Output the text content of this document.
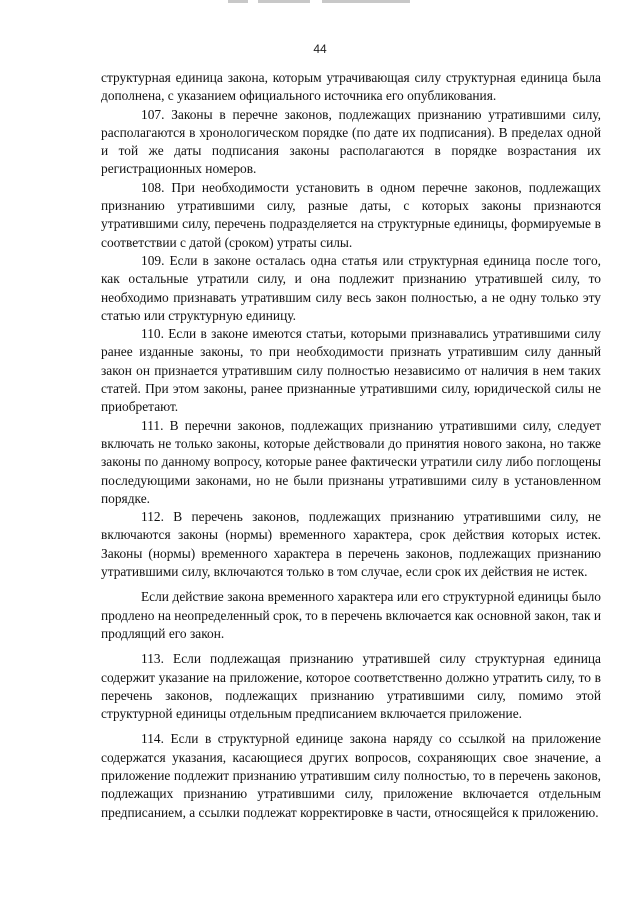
44

структурная единица закона, которым утрачивающая силу структурная единица была дополнена, с указанием официального источника его опубликования.

107. Законы в перечне законов, подлежащих признанию утратившими силу, располагаются в хронологическом порядке (по дате их подписания). В пределах одной и той же даты подписания законы располагаются в порядке возрастания их регистрационных номеров.

108. При необходимости установить в одном перечне законов, подлежащих признанию утратившими силу, разные даты, с которых законы признаются утратившими силу, перечень подразделяется на структурные единицы, формируемые в соответствии с датой (сроком) утраты силы.

109. Если в законе осталась одна статья или структурная единица после того, как остальные утратили силу, и она подлежит признанию утратившей силу, то необходимо признавать утратившим силу весь закон полностью, а не одну только эту статью или структурную единицу.

110. Если в законе имеются статьи, которыми признавались утратившими силу ранее изданные законы, то при необходимости признать утратившим силу данный закон он признается утратившим силу полностью независимо от наличия в нем таких статей. При этом законы, ранее признанные утратившими силу, юридической силы не приобретают.

111. В перечни законов, подлежащих признанию утратившими силу, следует включать не только законы, которые действовали до принятия нового закона, но также законы по данному вопросу, которые ранее фактически утратили силу либо поглощены последующими законами, но не были признаны утратившими силу в установленном порядке.

112. В перечень законов, подлежащих признанию утратившими силу, не включаются законы (нормы) временного характера, срок действия которых истек. Законы (нормы) временного характера в перечень законов, подлежащих признанию утратившими силу, включаются только в том случае, если срок их действия не истек.

Если действие закона временного характера или его структурной единицы было продлено на неопределенный срок, то в перечень включается как основной закон, так и продлящий его закон.

113. Если подлежащая признанию утратившей силу структурная единица содержит указание на приложение, которое соответственно должно утратить силу, то в перечень законов, подлежащих признанию утратившими силу, помимо этой структурной единицы отдельным предписанием включается приложение.

114. Если в структурной единице закона наряду со ссылкой на приложение содержатся указания, касающиеся других вопросов, сохраняющих свое значение, а приложение подлежит признанию утратившим силу полностью, то в перечень законов, подлежащих признанию утратившими силу, приложение включается отдельным предписанием, а ссылки подлежат корректировке в части, относящейся к приложению.
